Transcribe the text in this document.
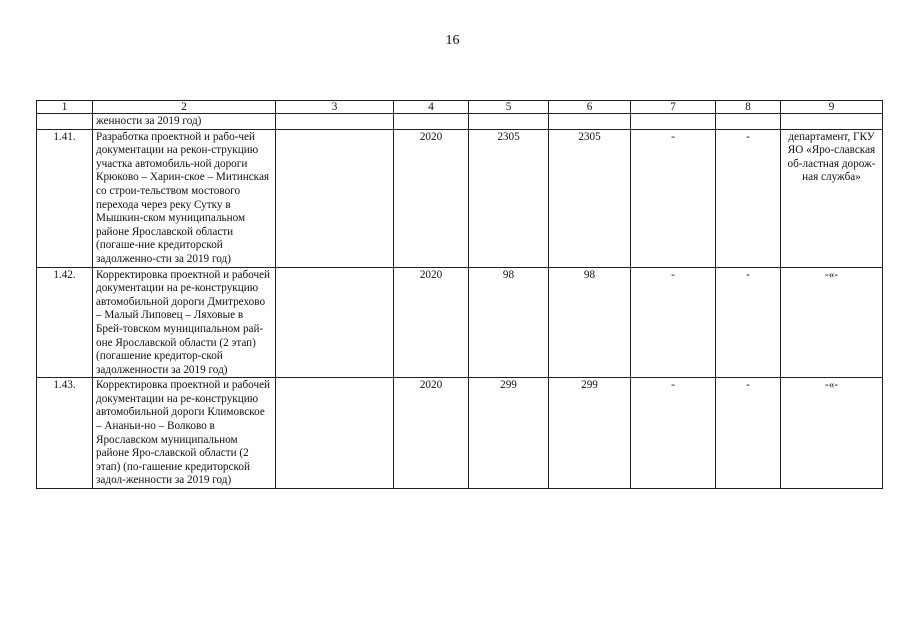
16
1	2	3	4	5	6	7	8	9
	женности за 2019 год)							
1.41.	Разработка проектной и рабо-чей документации на рекон-струкцию участка автомобиль-ной дороги Крюково – Харин-ское – Митинская со строи-тельством мостового перехода через реку Сутку в Мышкин-ском муниципальном районе Ярославской области (погаше-ние кредиторской задолженно-сти за 2019 год)		2020	2305	2305	-	-	департамент, ГКУ ЯО «Яро-славская об-ластная дорож-ная служба»
1.42.	Корректировка проектной и рабочей документации на ре-конструкцию автомобильной дороги Дмитрехово – Малый Липовец – Ляховые в Брей-товском муниципальном рай-оне Ярославской области (2 этап) (погашение кредитор-ской задолженности за 2019 год)		2020	98	98	-	-	-«-
1.43.	Корректировка проектной и рабочей документации на ре-конструкцию автомобильной дороги Климовское – Ананьи-но – Волково в Ярославском муниципальном районе Яро-славской области (2 этап) (по-гашение кредиторской задол-женности за 2019 год)		2020	299	299	-	-	-«-
